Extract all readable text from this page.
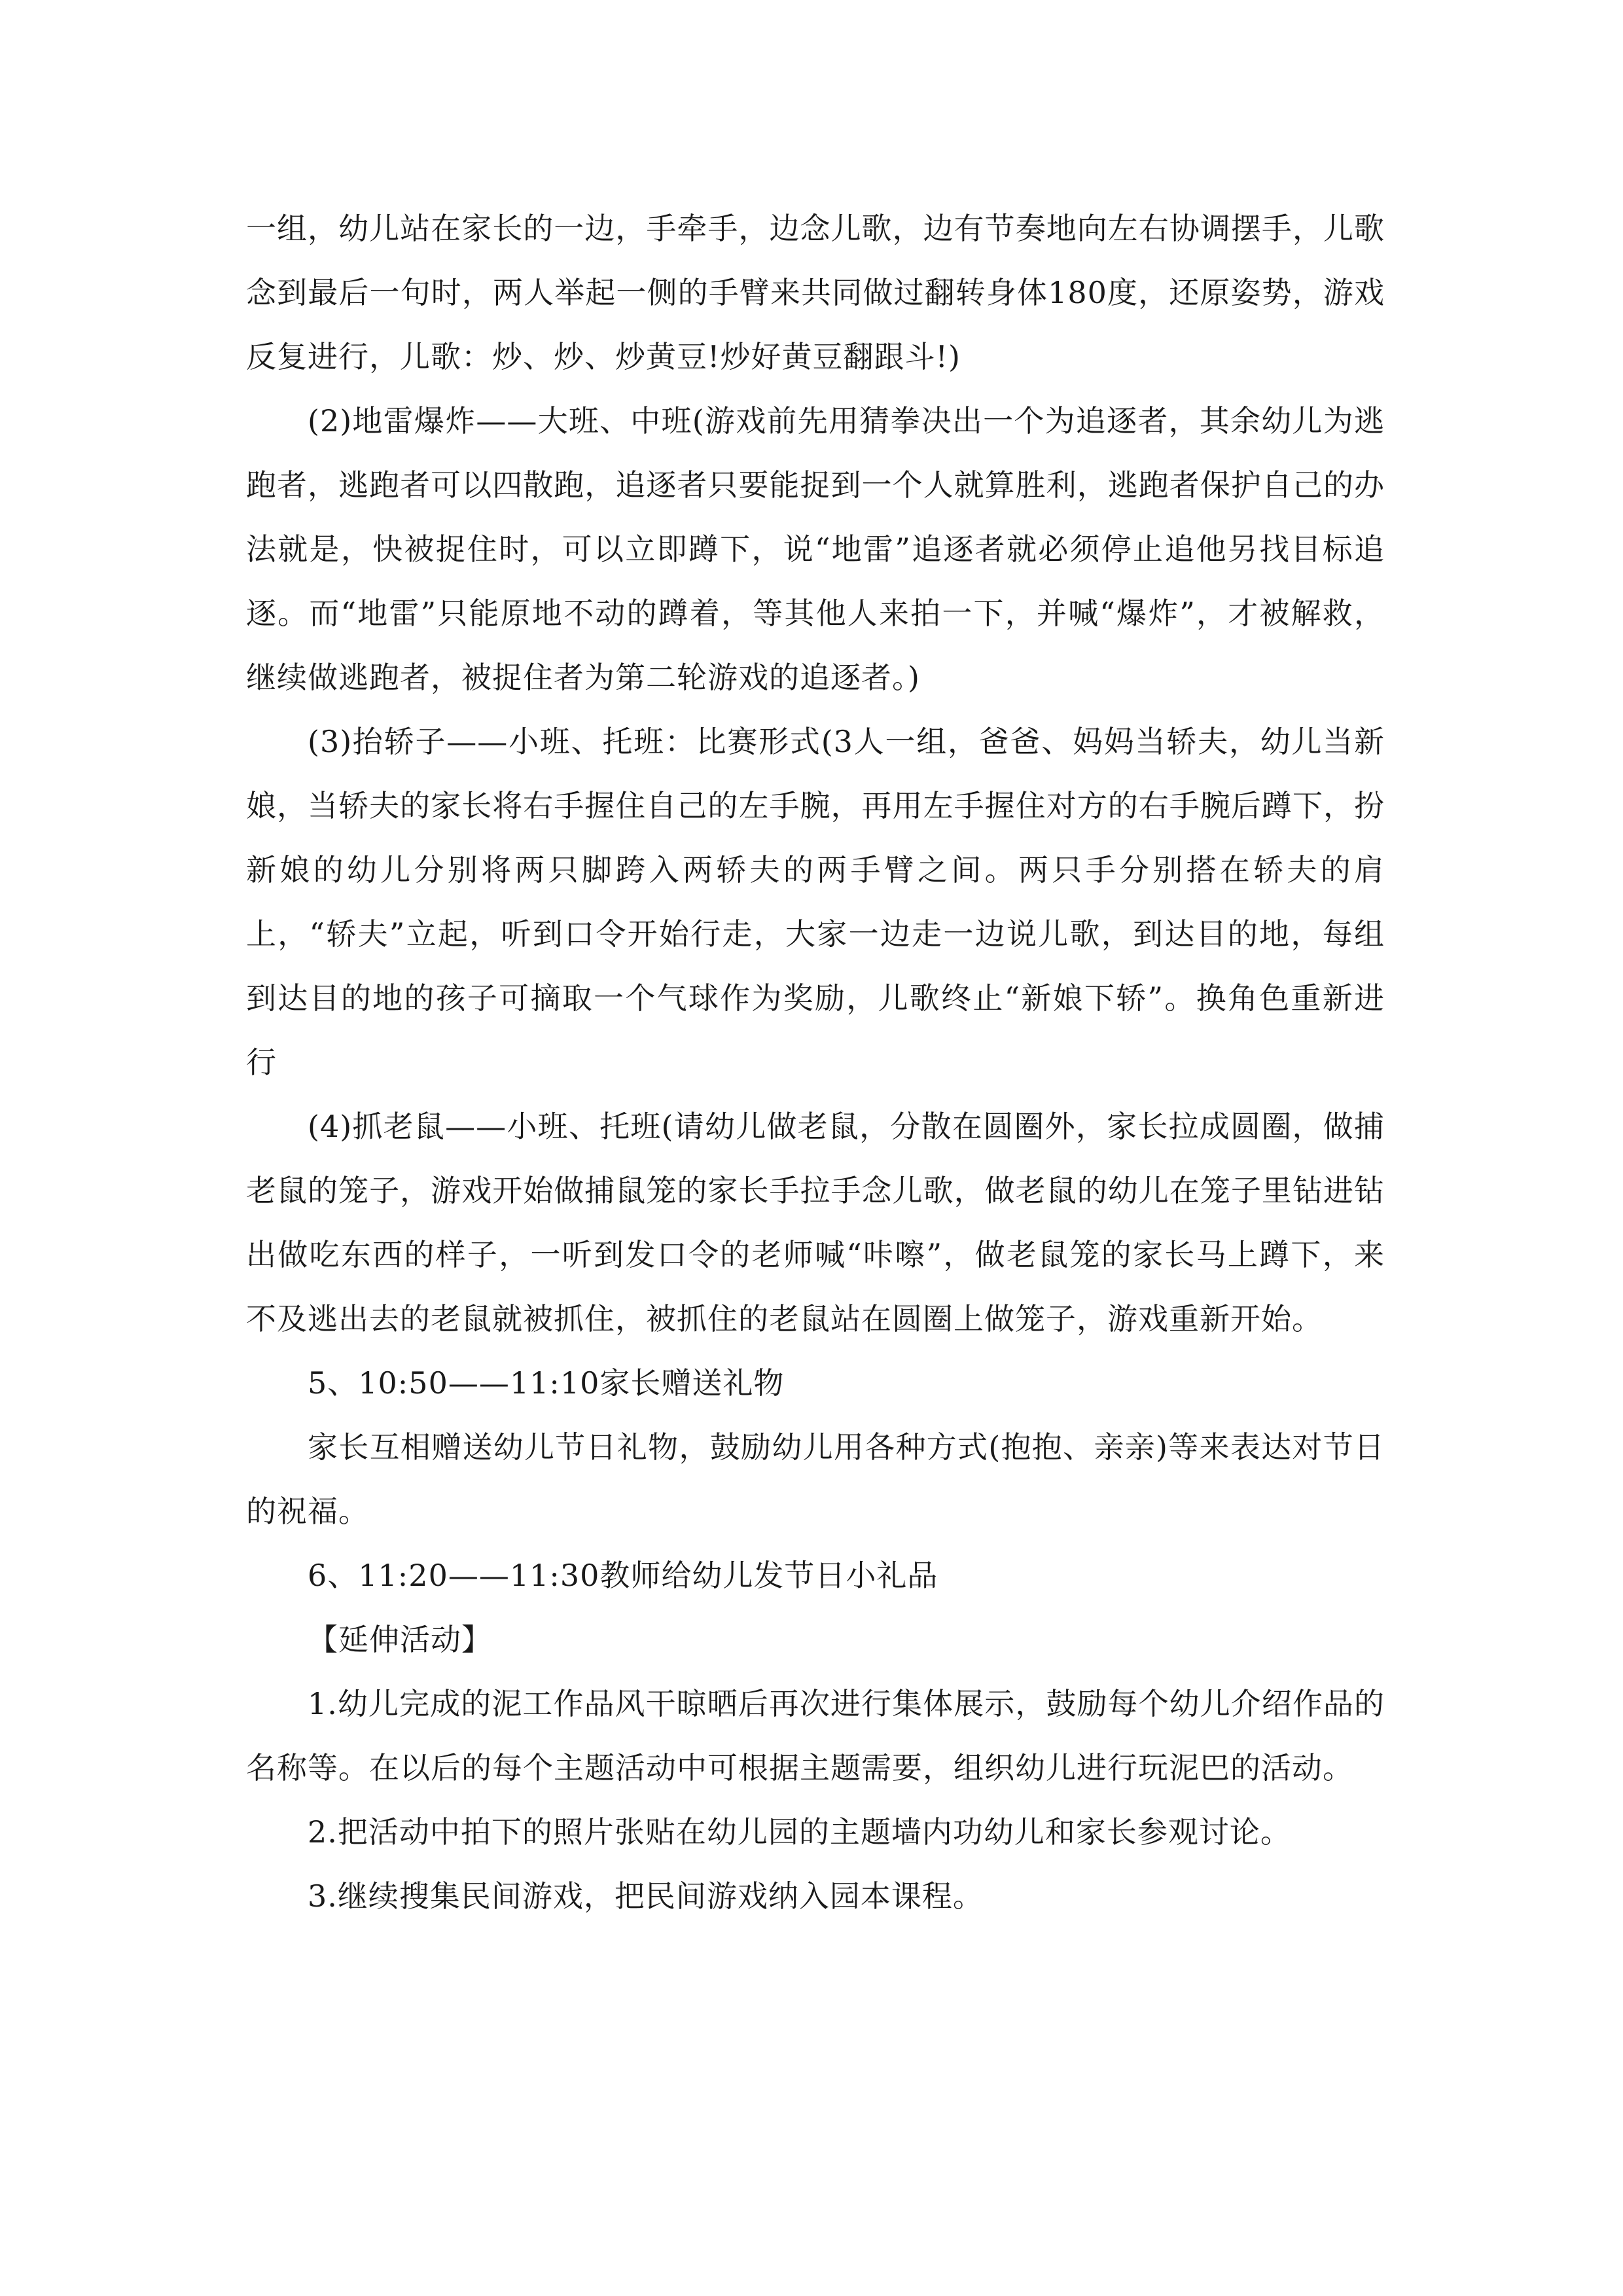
一组，幼儿站在家长的一边，手牵手，边念儿歌，边有节奏地向左右协调摆手，儿歌念到最后一句时，两人举起一侧的手臂来共同做过翻转身体180度，还原姿势，游戏反复进行，儿歌：炒、炒、炒黄豆!炒好黄豆翻跟斗!)

(2)地雷爆炸——大班、中班(游戏前先用猜拳决出一个为追逐者，其余幼儿为逃跑者，逃跑者可以四散跑，追逐者只要能捉到一个人就算胜利，逃跑者保护自己的办法就是，快被捉住时，可以立即蹲下，说“地雷”追逐者就必须停止追他另找目标追逐。而“地雷”只能原地不动的蹲着，等其他人来拍一下，并喊“爆炸”，才被解救，继续做逃跑者，被捉住者为第二轮游戏的追逐者。)

(3)抬轿子——小班、托班：比赛形式(3人一组，爸爸、妈妈当轿夫，幼儿当新娘，当轿夫的家长将右手握住自己的左手腕，再用左手握住对方的右手腕后蹲下，扮新娘的幼儿分别将两只脚跨入两轿夫的两手臂之间。两只手分别搭在轿夫的肩上，“轿夫”立起，听到口令开始行走，大家一边走一边说儿歌，到达目的地，每组到达目的地的孩子可摘取一个气球作为奖励，儿歌终止“新娘下轿”。换角色重新进行

(4)抓老鼠——小班、托班(请幼儿做老鼠，分散在圆圈外，家长拉成圆圈，做捕老鼠的笼子，游戏开始做捕鼠笼的家长手拉手念儿歌，做老鼠的幼儿在笼子里钻进钻出做吃东西的样子，一听到发口令的老师喊“咔嚓”，做老鼠笼的家长马上蹲下，来不及逃出去的老鼠就被抓住，被抓住的老鼠站在圆圈上做笼子，游戏重新开始。

5、10:50——11:10家长赠送礼物

家长互相赠送幼儿节日礼物，鼓励幼儿用各种方式(抱抱、亲亲)等来表达对节日的祝福。

6、11:20——11:30教师给幼儿发节日小礼品

【延伸活动】

1.幼儿完成的泥工作品风干晾晒后再次进行集体展示，鼓励每个幼儿介绍作品的名称等。在以后的每个主题活动中可根据主题需要，组织幼儿进行玩泥巴的活动。

2.把活动中拍下的照片张贴在幼儿园的主题墙内功幼儿和家长参观讨论。

3.继续搜集民间游戏，把民间游戏纳入园本课程。
